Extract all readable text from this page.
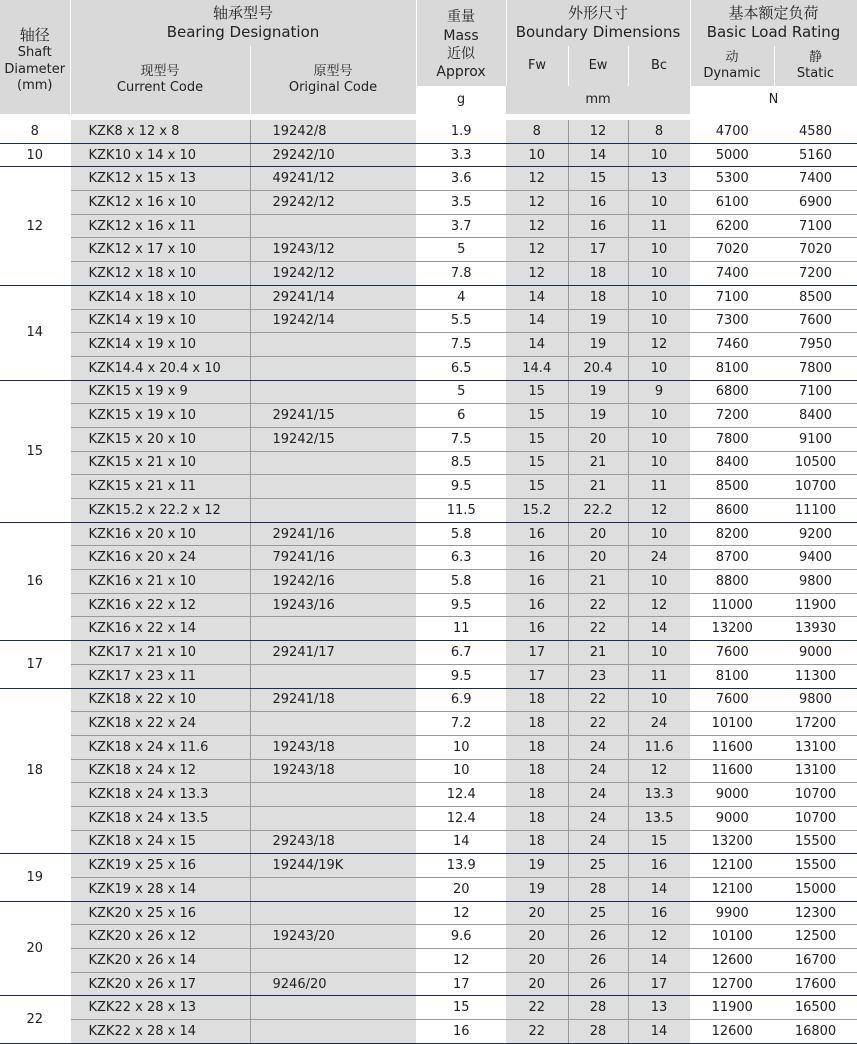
轴径
Shaft
Diameter
(mm)	轴承型号
Bearing Designation		重量
Mass
近似
Approx	外形尺寸
Boundary Dimensions			基本额定负荷
Basic Load Rating	
	现型号
Current Code	原型号
Original Code		Fw	Ew	Bc	动
Dynamic	静
Static
			g	mm			N	

8	KZK8 x 12 x 8	19242/8	1.9	8	12	8	4700	4580
10	KZK10 x 14 x 10	29242/10	3.3	10	14	10	5000	5160
12	KZK12 x 15 x 13	49241/12	3.6	12	15	13	5300	7400
	KZK12 x 16 x 10	29242/12	3.5	12	16	10	6100	6900
	KZK12 x 16 x 11		3.7	12	16	11	6200	7100
	KZK12 x 17 x 10	19243/12	5	12	17	10	7020	7020
	KZK12 x 18 x 10	19242/12	7.8	12	18	10	7400	7200
14	KZK14 x 18 x 10	29241/14	4	14	18	10	7100	8500
	KZK14 x 19 x 10	19242/14	5.5	14	19	10	7300	7600
	KZK14 x 19 x 10		7.5	14	19	12	7460	7950
	KZK14.4 x 20.4 x 10		6.5	14.4	20.4	10	8100	7800
15	KZK15 x 19 x 9		5	15	19	9	6800	7100
	KZK15 x 19 x 10	29241/15	6	15	19	10	7200	8400
	KZK15 x 20 x 10	19242/15	7.5	15	20	10	7800	9100
	KZK15 x 21 x 10		8.5	15	21	10	8400	10500
	KZK15 x 21 x 11		9.5	15	21	11	8500	10700
	KZK15.2 x 22.2 x 12		11.5	15.2	22.2	12	8600	11100
16	KZK16 x 20 x 10	29241/16	5.8	16	20	10	8200	9200
	KZK16 x 20 x 24	79241/16	6.3	16	20	24	8700	9400
	KZK16 x 21 x 10	19242/16	5.8	16	21	10	8800	9800
	KZK16 x 22 x 12	19243/16	9.5	16	22	12	11000	11900
	KZK16 x 22 x 14		11	16	22	14	13200	13930
17	KZK17 x 21 x 10	29241/17	6.7	17	21	10	7600	9000
	KZK17 x 23 x 11		9.5	17	23	11	8100	11300
18	KZK18 x 22 x 10	29241/18	6.9	18	22	10	7600	9800
	KZK18 x 22 x 24		7.2	18	22	24	10100	17200
	KZK18 x 24 x 11.6	19243/18	10	18	24	11.6	11600	13100
	KZK18 x 24 x 12	19243/18	10	18	24	12	11600	13100
	KZK18 x 24 x 13.3		12.4	18	24	13.3	9000	10700
	KZK18 x 24 x 13.5		12.4	18	24	13.5	9000	10700
	KZK18 x 24 x 15	29243/18	14	18	24	15	13200	15500
19	KZK19 x 25 x 16	19244/19K	13.9	19	25	16	12100	15500
	KZK19 x 28 x 14		20	19	28	14	12100	15000
20	KZK20 x 25 x 16		12	20	25	16	9900	12300
	KZK20 x 26 x 12	19243/20	9.6	20	26	12	10100	12500
	KZK20 x 26 x 14		12	20	26	14	12600	16700
	KZK20 x 26 x 17	9246/20	17	20	26	17	12700	17600
22	KZK22 x 28 x 13		15	22	28	13	11900	16500
	KZK22 x 28 x 14		16	22	28	14	12600	16800
